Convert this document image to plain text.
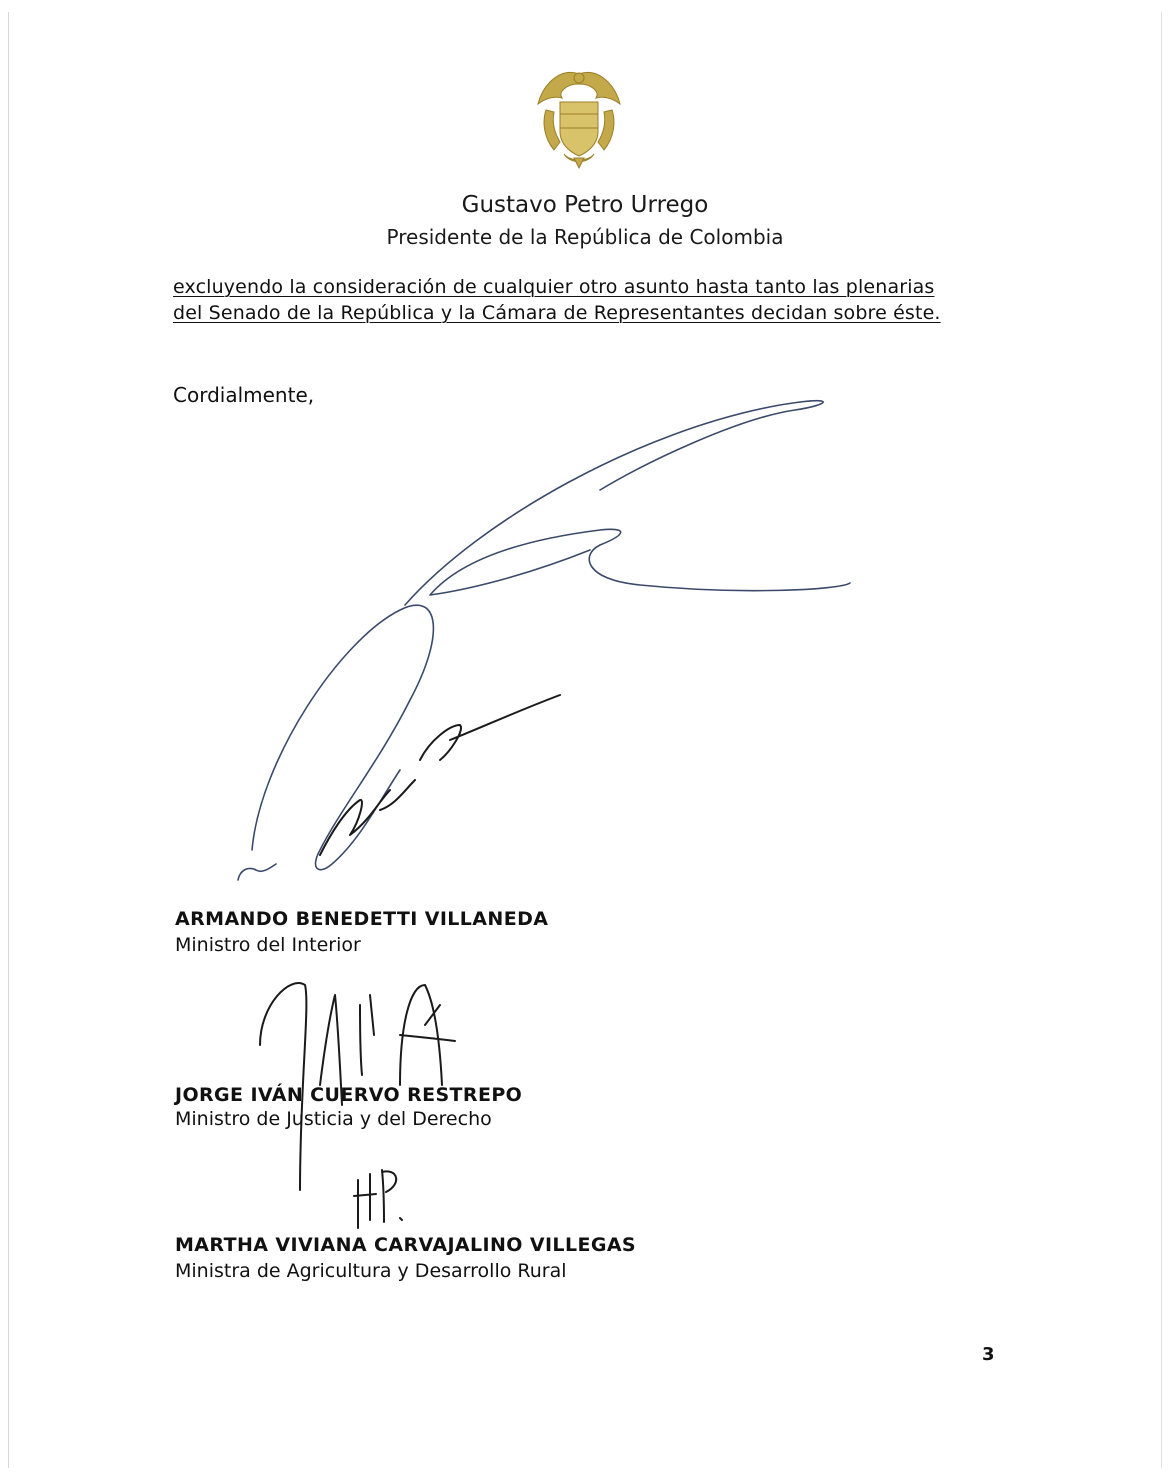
Gustavo Petro Urrego
Presidente de la República de Colombia
excluyendo la consideración de cualquier otro asunto hasta tanto las plenarias
del Senado de la República y la Cámara de Representantes decidan sobre éste.
Cordialmente,
ARMANDO BENEDETTI VILLANEDA
Ministro del Interior
JORGE IVÁN CUERVO RESTREPO
Ministro de Justicia y del Derecho
MARTHA VIVIANA CARVAJALINO VILLEGAS
Ministra de Agricultura y Desarrollo Rural
3
